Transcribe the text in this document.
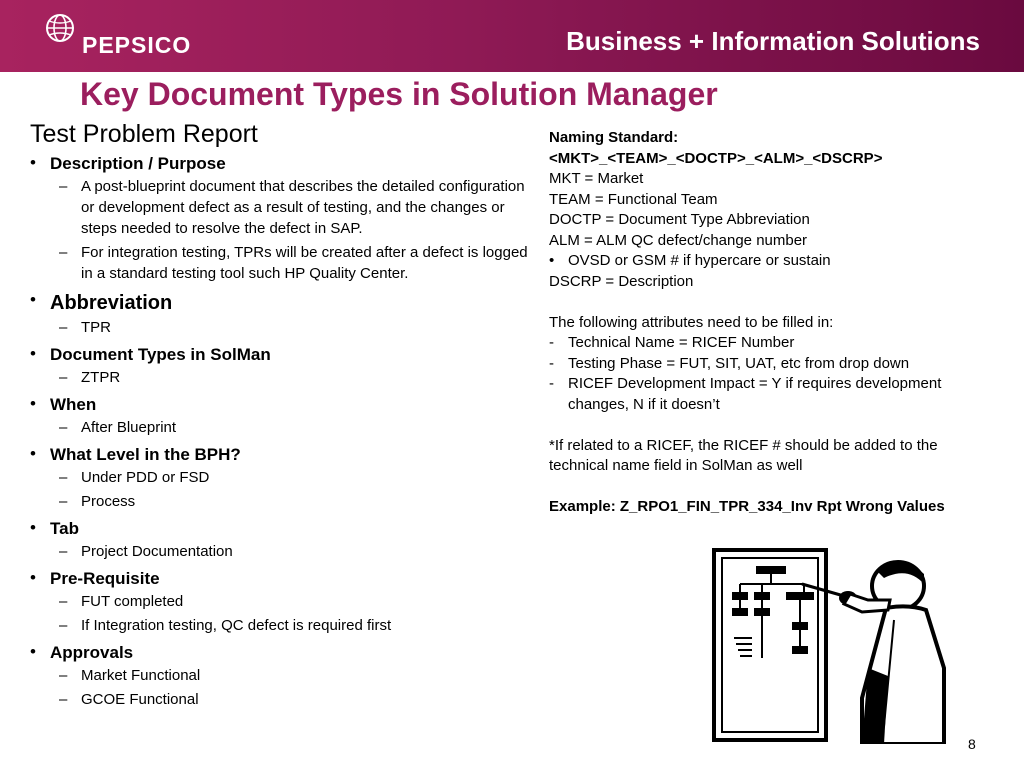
PEPSICO	Business + Information Solutions
Key Document Types in Solution Manager
Test Problem Report
• Description / Purpose
– A post-blueprint document that describes the detailed configuration or development defect as a result of testing, and the changes or steps needed to resolve the defect in SAP.
– For integration testing, TPRs will be created after a defect is logged in a standard testing tool such HP Quality Center.
• Abbreviation
– TPR
• Document Types in SolMan
– ZTPR
• When
– After Blueprint
• What Level in the BPH?
– Under PDD or FSD
– Process
• Tab
– Project Documentation
• Pre-Requisite
– FUT completed
– If Integration testing, QC defect is required first
• Approvals
– Market Functional
– GCOE Functional

Naming Standard:

<MKT>_<TEAM>_<DOCTP>_<ALM>_<DSCRP>

MKT = Market

TEAM = Functional Team

DOCTP = Document Type Abbreviation

ALM = ALM QC defect/change number

• OVSD or GSM # if hypercare or sustain

DSCRP = Description

The following attributes need to be filled in:

- Technical Name = RICEF Number

- Testing Phase = FUT, SIT, UAT, etc from drop down

- RICEF Development Impact = Y if requires development changes, N if it doesn’t

*If related to a RICEF, the RICEF # should be added to the technical name field in SolMan as well

Example: Z_RPO1_FIN_TPR_334_Inv Rpt Wrong Values

8
